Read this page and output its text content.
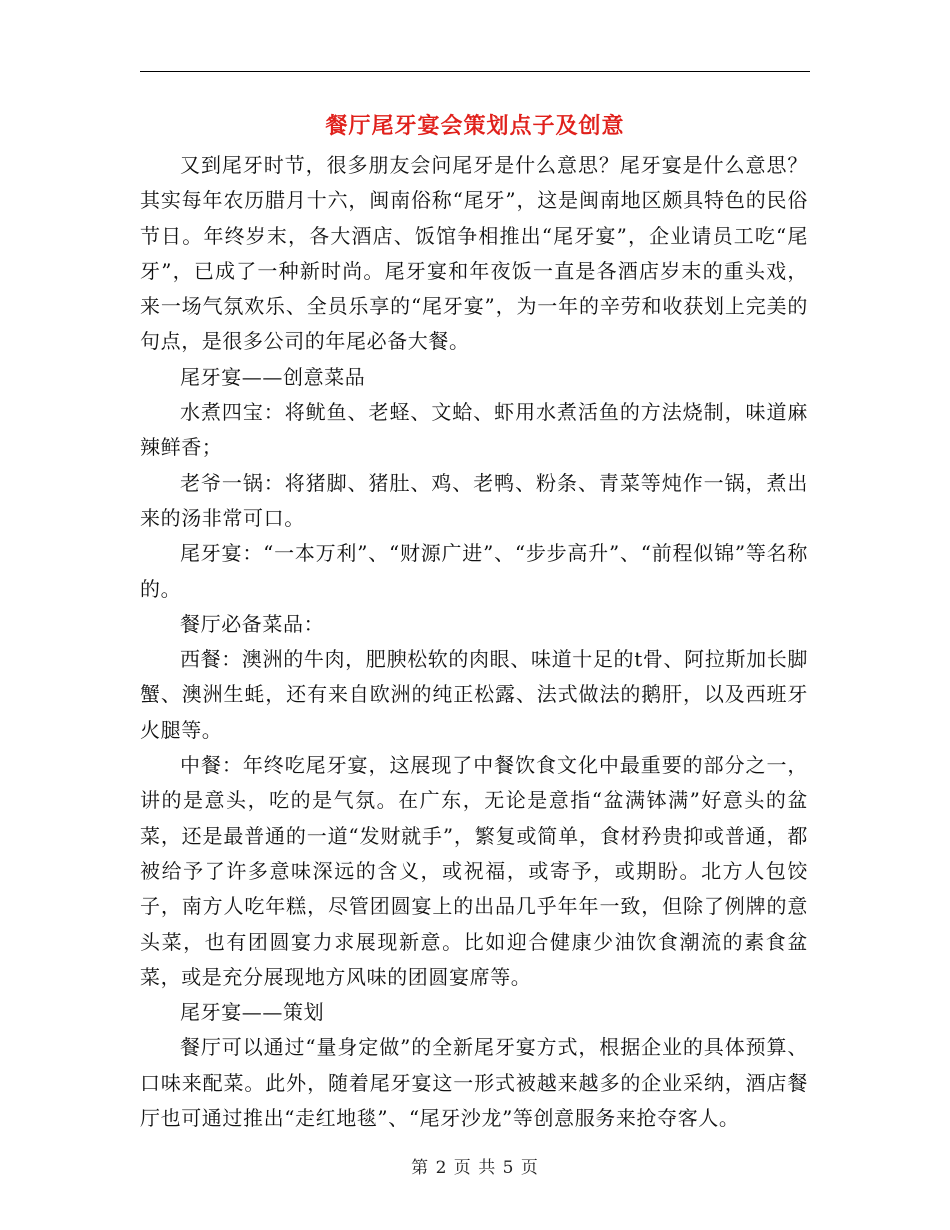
餐厅尾牙宴会策划点子及创意

又到尾牙时节，很多朋友会问尾牙是什么意思？尾牙宴是什么意思？其实每年农历腊月十六，闽南俗称“尾牙”，这是闽南地区颇具特色的民俗节日。年终岁末，各大酒店、饭馆争相推出“尾牙宴”，企业请员工吃“尾牙”，已成了一种新时尚。尾牙宴和年夜饭一直是各酒店岁末的重头戏，来一场气氛欢乐、全员乐享的“尾牙宴”，为一年的辛劳和收获划上完美的句点，是很多公司的年尾必备大餐。

尾牙宴——创意菜品

水煮四宝：将鱿鱼、老蛏、文蛤、虾用水煮活鱼的方法烧制，味道麻辣鲜香；

老爷一锅：将猪脚、猪肚、鸡、老鸭、粉条、青菜等炖作一锅，煮出来的汤非常可口。

尾牙宴：“一本万利”、“财源广进”、“步步高升”、“前程似锦”等名称的。

餐厅必备菜品：

西餐：澳洲的牛肉，肥腴松软的肉眼、味道十足的t骨、阿拉斯加长脚蟹、澳洲生蚝，还有来自欧洲的纯正松露、法式做法的鹅肝，以及西班牙火腿等。

中餐：年终吃尾牙宴，这展现了中餐饮食文化中最重要的部分之一，讲的是意头，吃的是气氛。在广东，无论是意指“盆满钵满”好意头的盆菜，还是最普通的一道“发财就手”，繁复或简单，食材矜贵抑或普通，都被给予了许多意味深远的含义，或祝福，或寄予，或期盼。北方人包饺子，南方人吃年糕，尽管团圆宴上的出品几乎年年一致，但除了例牌的意头菜，也有团圆宴力求展现新意。比如迎合健康少油饮食潮流的素食盆菜，或是充分展现地方风味的团圆宴席等。

尾牙宴——策划

餐厅可以通过“量身定做”的全新尾牙宴方式，根据企业的具体预算、口味来配菜。此外，随着尾牙宴这一形式被越来越多的企业采纳，酒店餐厅也可通过推出“走红地毯”、“尾牙沙龙”等创意服务来抢夺客人。

第 2 页 共 5 页
